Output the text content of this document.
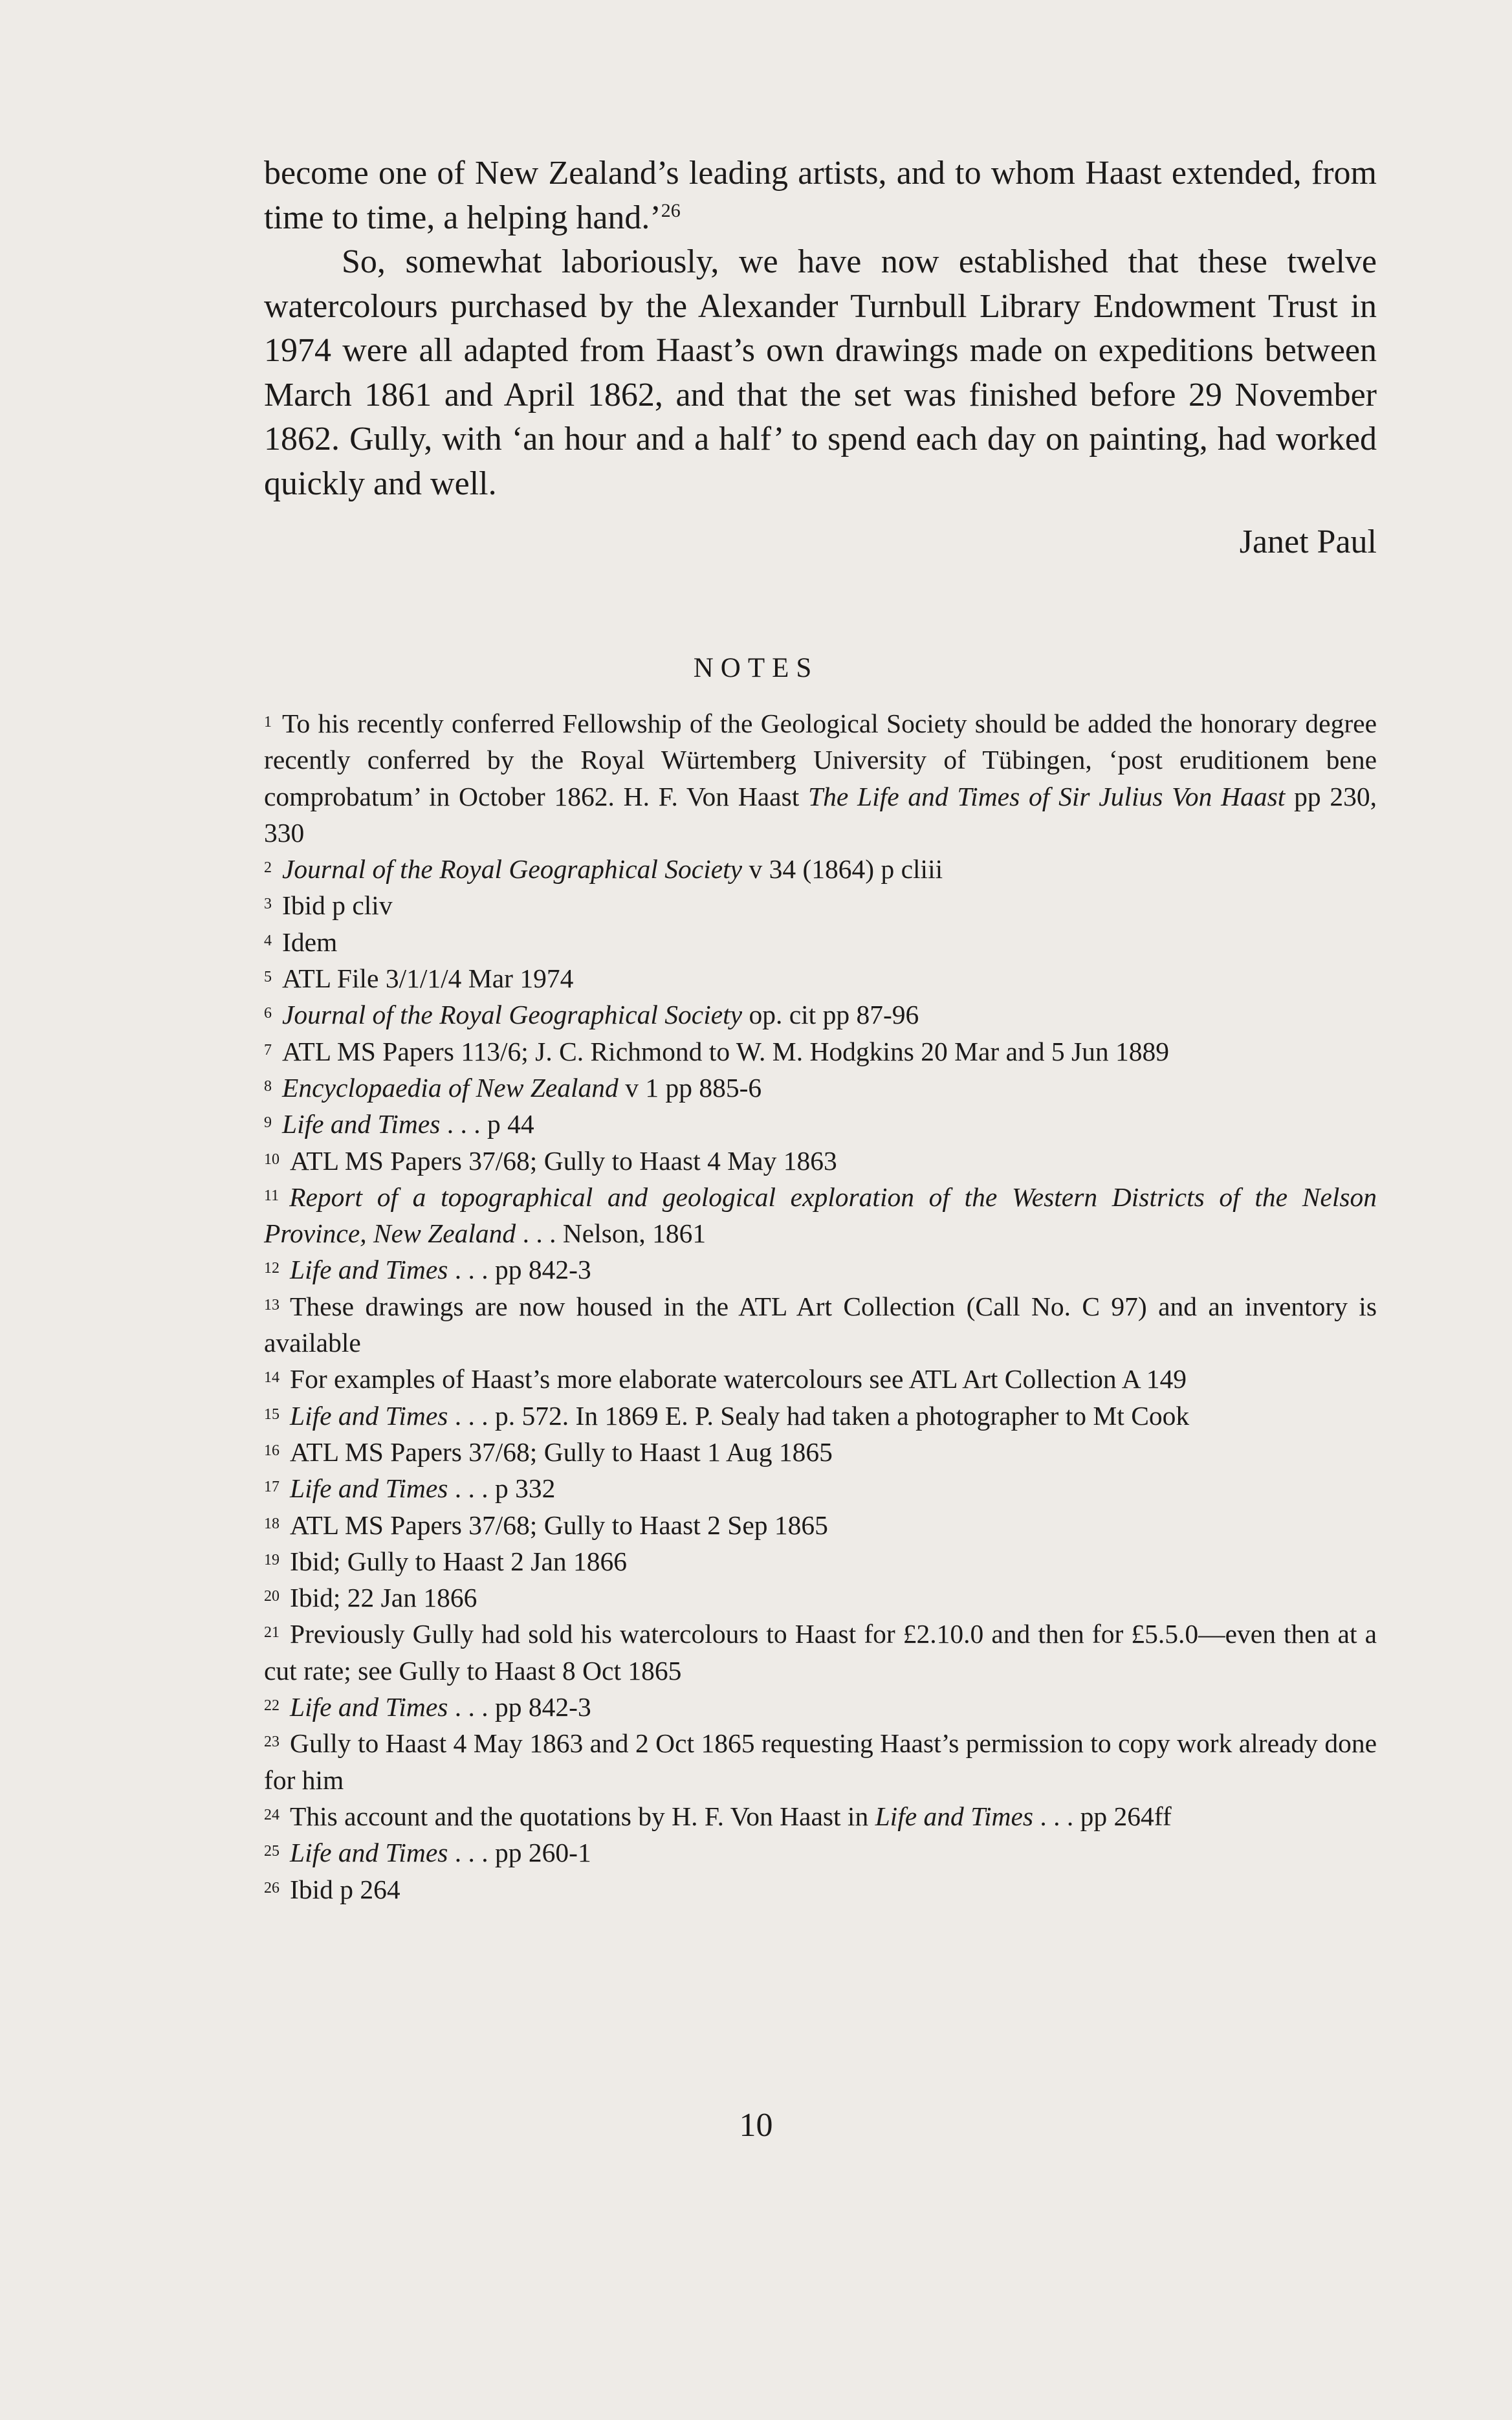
become one of New Zealand’s leading artists, and to whom Haast extended, from time to time, a helping hand.’$^{26}$

So, somewhat laboriously, we have now established that these twelve watercolours purchased by the Alexander Turnbull Library Endowment Trust in 1974 were all adapted from Haast’s own drawings made on expeditions between March 1861 and April 1862, and that the set was finished before 29 November 1862. Gully, with ‘an hour and a half’ to spend each day on painting, had worked quickly and well.

Janet Paul
NOTES

$^1$ To his recently conferred Fellowship of the Geological Society should be added the honorary degree recently conferred by the Royal Würtemberg University of Tübingen, ‘post eruditionem bene comprobatum’ in October 1862. H. F. Von Haast The Life and Times of Sir Julius Von Haast pp 230, 330

$^2$ Journal of the Royal Geographical Society v 34 (1864) p cliii

$^3$ Ibid p cliv

$^4$ Idem

$^5$ ATL File 3/1/1/4 Mar 1974

$^6$ Journal of the Royal Geographical Society op. cit pp 87-96

$^7$ ATL MS Papers 113/6; J. C. Richmond to W. M. Hodgkins 20 Mar and 5 Jun 1889

$^8$ Encyclopaedia of New Zealand v 1 pp 885-6

$^9$ Life and Times . . . p 44

$^{10}$ ATL MS Papers 37/68; Gully to Haast 4 May 1863

$^{11}$ Report of a topographical and geological exploration of the Western Districts of the Nelson Province, New Zealand . . . Nelson, 1861

$^{12}$ Life and Times . . . pp 842-3

$^{13}$ These drawings are now housed in the ATL Art Collection (Call No. C 97) and an inventory is available

$^{14}$ For examples of Haast’s more elaborate watercolours see ATL Art Collection A 149

$^{15}$ Life and Times . . . p. 572. In 1869 E. P. Sealy had taken a photographer to Mt Cook

$^{16}$ ATL MS Papers 37/68; Gully to Haast 1 Aug 1865

$^{17}$ Life and Times . . . p 332

$^{18}$ ATL MS Papers 37/68; Gully to Haast 2 Sep 1865

$^{19}$ Ibid; Gully to Haast 2 Jan 1866

$^{20}$ Ibid; 22 Jan 1866

$^{21}$ Previously Gully had sold his watercolours to Haast for £2.10.0 and then for £5.5.0—even then at a cut rate; see Gully to Haast 8 Oct 1865

$^{22}$ Life and Times . . . pp 842-3

$^{23}$ Gully to Haast 4 May 1863 and 2 Oct 1865 requesting Haast’s permission to copy work already done for him

$^{24}$ This account and the quotations by H. F. Von Haast in Life and Times . . . pp 264ff

$^{25}$ Life and Times . . . pp 260-1

$^{26}$ Ibid p 264

10
